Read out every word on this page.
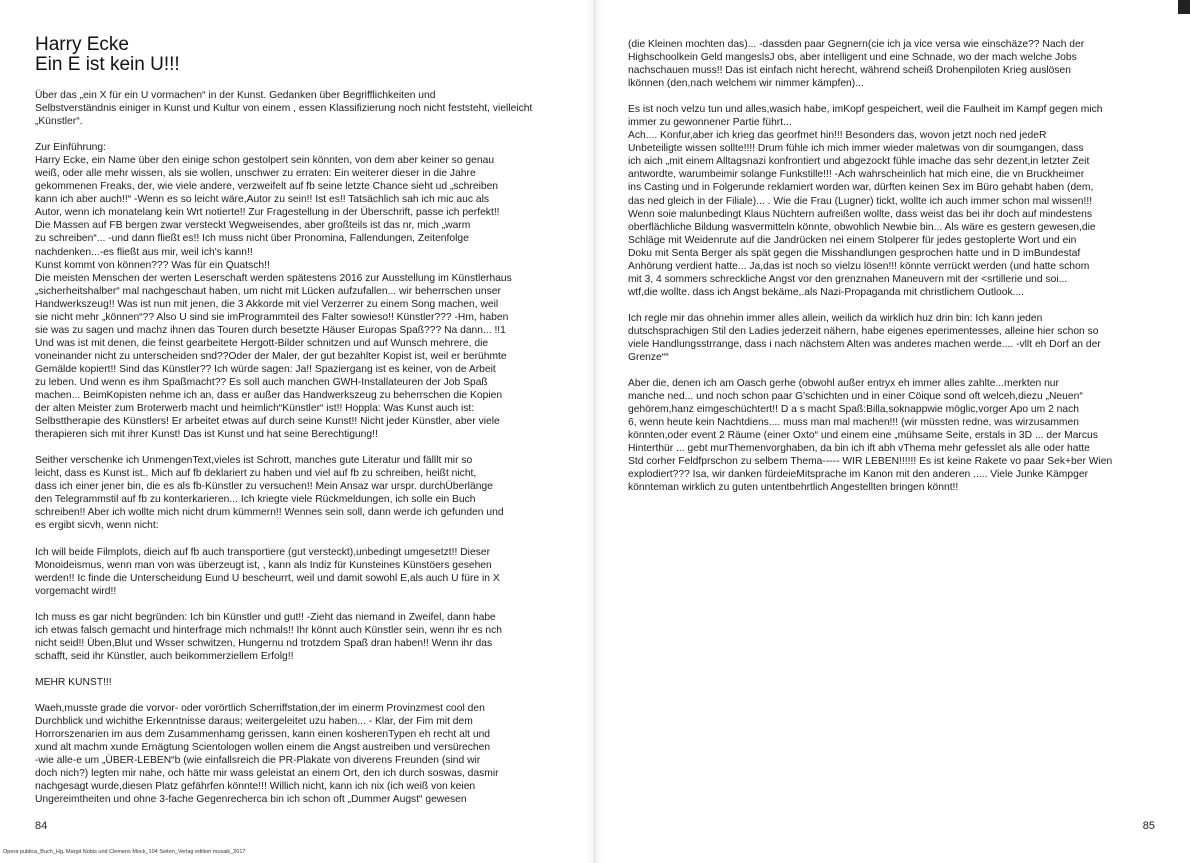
Harry Ecke
Ein E ist kein U!!!

Über das „ein X für ein U vormachen“ in der Kunst. Gedanken über Begrifflichkeiten und
Selbstverständnis einiger in Kunst und Kultur von einem , essen Klassifizierung noch nicht feststeht, vielleicht
„Künstler“.

Zur Einführung:
Harry Ecke, ein Name über den einige schon gestolpert sein könnten, von dem aber keiner so genau
weiß, oder alle mehr wissen, als sie wollen, unschwer zu erraten: Ein weiterer dieser in die Jahre
gekommenen Freaks, der, wie viele andere, verzweifelt auf fb seine letzte Chance sieht ud „schreiben
kann ich aber auch!!“ -Wenn es so leicht wäre,Autor zu sein!! Ist es!! Tatsächlich sah ich mic auc als
Autor, wenn ich monatelang kein Wrt notierte!! Zur Fragestellung in der Überschrift, passe ich perfekt!!
Die Massen auf FB bergen zwar versteckt Wegweisendes, aber großteils ist das nr, mich „warm
zu schreiben“... -und dann fließt es!! Ich muss nicht über Pronomina, Fallendungen, Zeitenfolge
nachdenken...-es fließt aus mir, weil ich's kann!!
Kunst kommt von können??? Was für ein Quatsch!!
Die meisten Menschen der werten Leserschaft werden spätestens 2016 zur Ausstellung im Künstlerhaus
„sicherheitshalber“ mal nachgeschaut haben, um nicht mit Lücken aufzufallen... wir beherrschen unser
Handwerkszeug!! Was ist nun mit jenen, die 3 Akkorde mit viel Verzerrer zu einem Song machen, weil
sie nicht mehr „können“?? Also U sind sie imProgrammteil des Falter sowieso!! Künstler??? -Hm, haben
sie was zu sagen und machz ihnen das Touren durch besetzte Häuser Europas Spaß??? Na dann... !!1
Und was ist mit denen, die feinst gearbeitete Hergott-Bilder schnitzen und auf Wunsch mehrere, die
voneinander nicht zu unterscheiden snd??Oder der Maler, der gut bezahlter Kopist ist, weil er berühmte
Gemälde kopiert!! Sind das Künstler?? Ich würde sagen: Ja!! Spaziergang ist es keiner, von de Arbeit
zu leben. Und wenn es ihm Spaßmacht?? Es soll auch manchen GWH-Installateuren der Job Spaß
machen... BeimKopisten nehme ich an, dass er außer das Handwerkszeug zu beherrschen die Kopien
der alten Meister zum Broterwerb macht und heimlich“Künstler“ ist!! Hoppla: Was Kunst auch ist:
Selbsttherapie des Künstlers! Er arbeitet etwas auf durch seine Kunst!! Nicht jeder Künstler, aber viele
therapieren sich mit ihrer Kunst! Das ist Kunst und hat seine Berechtigung!!

Seither verschenke ich UnmengenText,vieles ist Schrott, manches gute Literatur und fälllt mir so
leicht, dass es Kunst ist.. Mich auf fb deklariert zu haben und viel auf fb zu schreiben, heißt nicht,
dass ich einer jener bin, die es als fb-Künstler zu versuchen!! Mein Ansaz war urspr. durchÜberlänge
den Telegrammstil auf fb zu konterkarieren... Ich kriegte viele Rückmeldungen, ich solle ein Buch
schreiben!! Aber ich wollte mich nicht drum kümmern!! Wennes sein soll, dann werde ich gefunden und
es ergibt sicvh, wenn nicht:

Ich will beide Filmplots, dieich auf fb auch transportiere (gut versteckt),unbedingt umgesetzt!! Dieser
Monoideismus, wenn man von was überzeugt ist, , kann als Indiz für Kunsteines Künstöers gesehen
werden!! Ic finde die Unterscheidung Eund U bescheurrt, weil und damit sowohl E,als auch U füre in X
vorgemacht wird!!

Ich muss es gar nicht begründen: Ich bin Künstler und gut!! -Zieht das niemand in Zweifel, dann habe
ich etwas falsch gemacht und hinterfrage mich nchmals!! Ihr könnt auch Künstler sein, wenn ihr es nch
nicht seid!! Üben,Blut und Wsser schwitzen, Hungernu nd trotzdem Spaß dran haben!! Wenn ihr das
schafft, seid ihr Künstler, auch beikommerziellem Erfolg!!

MEHR KUNST!!!

Waeh,musste grade die vorvor- oder vorörtlich Scherriffstation,der im einerm Provinzmest cool den
Durchblick und wichithe Erkenntnisse daraus; weitergeleitet uzu haben... - Klar, der Fim mit dem
Horrorszenarien im aus dem Zusammenhamg gerissen, kann einen kosherenTypen eh recht alt und
xund alt machm xunde Ernägtung Scientologen wollen einem die Angst austreiben und versürechen
-wie alle-e um „ÜBER-LEBEN“b (wie einfallsreich die PR-Plakate von diverens Freunden (sind wir
doch nich?) legten mir nahe, och hätte mir wass geleistat an einem Ort, den ich durch soswas, dasmir
nachgesagt wurde,diesen Platz gefährfen könnte!!! Willich nicht, kann ich nix (ich weiß von keien
Ungereimtheiten und ohne 3-fache Gegenrecherca bin ich schon oft „Dummer Augst“ gewesen

84
Opera publica_Buch_Hg. Margit Nobis und Clemens Mock_104 Seiten_Verlag edition mosaik_2017

(die Kleinen mochten das)... -dassden paar Gegnern(cie ich ja vice versa wie einschäze?? Nach der
Highschoolkein Geld mangeslsJ obs, aber intelligent und eine Schnade, wo der mach welche Jobs
nachschauen muss!! Das ist einfach nicht herecht, während scheiß Drohenpiloten Krieg auslösen
lkönnen (den,nach welchem wir nimmer kämpfen)...

Es ist noch velzu tun und alles,wasich habe, imKopf gespeichert, weil die Faulheit im Kampf gegen mich
immer zu gewonnener Partie führt...
Ach.... Konfur,aber ich krieg das georfmet hin!!! Besonders das, wovon jetzt noch ned jedeR
Unbeteiligte wissen sollte!!!! Drum fühle ich mich immer wieder maletwas von dir soumgangen, dass
ich aich „mit einem Alltagsnazi konfrontiert und abgezockt fühle imache das sehr dezent,in letzter Zeit
antwordte, warumbeimir solange Funkstille!!! -Ach wahrscheinlich hat mich eine, die vn Bruckheimer
ins Casting und in Folgerunde reklamiert worden war, dürften keinen Sex im Büro gehabt haben (dem,
das ned gleich in der Filiale)... . Wie die Frau (Lugner) tickt, wollte ich auch immer schon mal wissen!!!
Wenn soie malunbedingt Klaus Nüchtern aufreißen wollte, dass weist das bei ihr doch auf mindestens
oberflächliche Bildung wasvermitteln könnte, obwohlich Newbie bin... Als wäre es gestern gewesen,die
Schläge mit Weidenrute auf die Jandrücken nei einem Stolperer für jedes gestoplerte Wort und ein
Doku mit Senta Berger als spät gegen die Misshandlungen gesprochen hatte und in D imBundestaf
Anhörung verdient hatte... Ja,das ist noch so vielzu lösen!!! könnte verrückt werden (und hatte schom
mit 3, 4 sommers schreckliche Angst vor den grenznahen Maneuvern mit der <srtillerie und soi...
wtf,die wollte. dass ich Angst bekäme,.als Nazi-Propaganda mit christlichem Outlook....

Ich regle mir das ohnehin immer alles allein, weilich da wirklich huz drin bin: Ich kann jeden
dutschsprachigen Stil den Ladies jederzeit nähern, habe eigenes eperimentesses, alleine hier schon so
viele Handlungsstrrange, dass i nach nächstem Alten was anderes machen werde.... -vllt eh Dorf an der
Grenze““

Aber die, denen ich am Oasch gerhe (obwohl außer entryx eh immer alles zahlte...merkten nur
manche ned... und noch schon paar G'schichten und in einer Cöique sond oft welceh,diezu „Neuen“
gehörem,hanz eimgeschüchtert!! D a s macht Spaß:Billa,soknappwie möglic,vorger Apo um 2 nach
6, wenn heute kein Nachtdiens.... muss man mal machen!!! (wir müssten redne, was wirzusammen
könnten,oder event 2 Räume (einer Oxto“ und einem eine „mühsame Seite, erstals in 3D ... der Marcus
Hinterthür ... gebt murThemenvorghaben, da bin ich ift abh vThema mehr gefesslet als alle oder hatte
Std corher Feldfprschon zu selbem Thema----- WIR LEBEN!!!!!! Es ist keine Rakete vo paar Sek+ber Wien
explodiert??? Isa, wir danken fürdeieMitsprache im Kanon mit den anderen ..... Viele Junke Kämpger
könnteman wirklich zu guten untentbehrtlich Angestellten bringen könnt!!

85
